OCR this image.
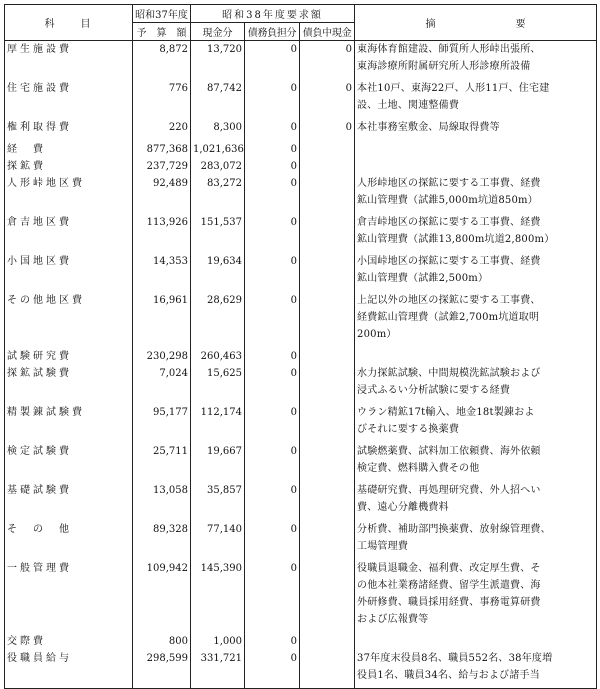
科　　目	昭和37年度	昭和38年度要求額			摘　　　　　　　　要
	予　算　額	現金分	債務負担分	債負中現金	
厚生施設費	8,872	13,720	0	0	東海体育館建設、師質所人形峠出張所、
東海診療所附属研究所人形診療所設備

住宅施設費	776	87,742	0	0	本社10戸、東海22戸、人形11戸、住宅建
設、土地、関連整備費

権利取得費	220	8,300	0	0	本社事務室敷金、局線取得費等

経　費	877,368	1,021,636	0		
探鉱費	237,729	283,072	0		
人形峠地区費	92,489	83,272	0		人形峠地区の探鉱に要する工事費、経費
鉱山管理費（試錐5,000m坑道850m）

倉吉地区費	113,926	151,537	0		倉吉峠地区の探鉱に要する工事費、経費
鉱山管理費（試錐13,800m坑道2,800m）

小国地区費	14,353	19,634	0		小国峠地区の探鉱に要する工事費、経費
鉱山管理費（試錐2,500m）

その他地区費	16,961	28,629	0		上記以外の地区の探鉱に要する工事費、
経費鉱山管理費（試錐2,700m坑道取明
200m）

試験研究費	230,298	260,463	0		
探鉱試験費	7,024	15,625	0		水力探鉱試験、中間規模洗鉱試験および
浸式ふるい分析試験に要する経費

精製錬試験費	95,177	112,174	0		ウラン精鉱17t輸入、地金18t製錬およ
びそれに要する換薬費

検定試験費	25,711	19,667	0		試験燃薬費、試料加工依頼費、海外依頼
検定費、燃料購入費その他

基礎試験費	13,058	35,857	0		基礎研究費、再処理研究費、外人招へい
費、遠心分離機費料

そ　の　他	89,328	77,140	0		分析費、補助部門換薬費、放射線管理費、
工場管理費

一般管理費	109,942	145,390	0		役職員退職金、福利費、改定厚生費、そ
の他本社業務諸経費、留学生派遣費、海
外研修費、職員採用経費、事務電算研費
および広報費等

交際費	800	1,000	0		
役職員給与	298,599	331,721	0		37年度末役員8名、職員552名、38年度増
役員1名、職員34名、給与および諸手当
